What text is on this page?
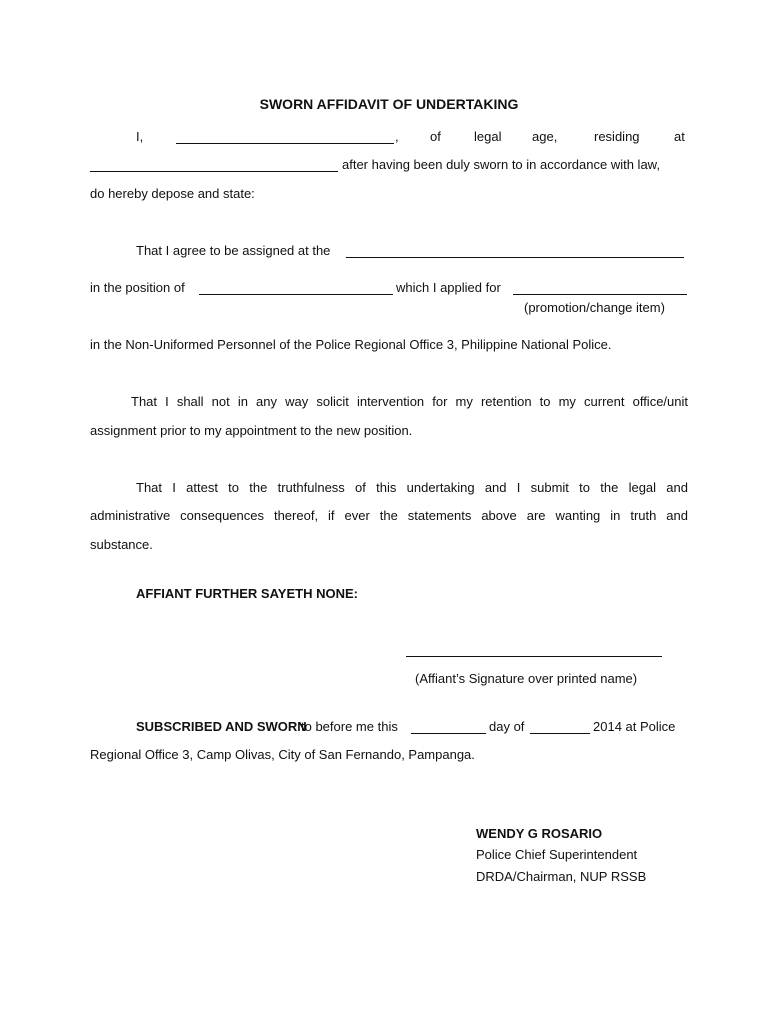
SWORN AFFIDAVIT OF UNDERTAKING
I,	, of	legal age,	residing	at
after having been duly sworn to in accordance with law,
do hereby depose and state:
That I agree to be assigned at the
in the position of	which I applied for
(promotion/change item)
in the Non-Uniformed Personnel of the Police Regional Office 3, Philippine National Police.
That I shall not in any way solicit intervention for my retention to my current office/unit
assignment prior to my appointment to the new position.
That I attest to the truthfulness of this undertaking and I submit to the legal and
administrative consequences thereof, if ever the statements above are wanting in truth and
substance.
AFFIANT FURTHER SAYETH NONE:
(Affiant’s Signature over printed name)
SUBSCRIBED AND SWORN
to before me this	day of	2014 at Police
Regional Office 3, Camp Olivas, City of San Fernando, Pampanga.
WENDY G ROSARIO
Police Chief Superintendent
DRDA/Chairman, NUP RSSB
